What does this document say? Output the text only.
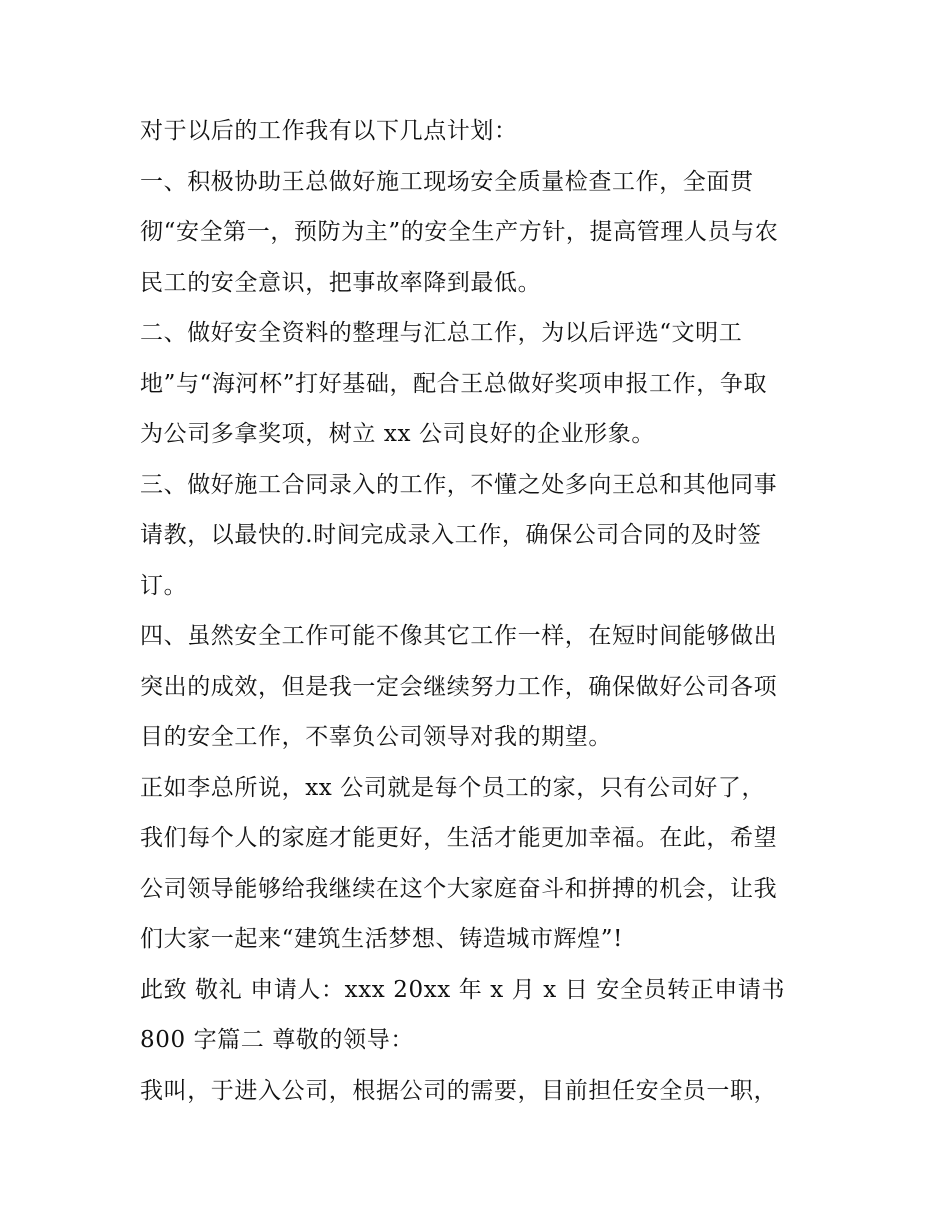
对于以后的工作我有以下几点计划：
一、积极协助王总做好施工现场安全质量检查工作，全面贯
彻“安全第一，预防为主”的安全生产方针，提高管理人员与农
民工的安全意识，把事故率降到最低。
二、做好安全资料的整理与汇总工作，为以后评选“文明工
地”与“海河杯”打好基础，配合王总做好奖项申报工作，争取
为公司多拿奖项，树立 xx 公司良好的企业形象。
三、做好施工合同录入的工作，不懂之处多向王总和其他同事
请教，以最快的.时间完成录入工作，确保公司合同的及时签
订。
四、虽然安全工作可能不像其它工作一样，在短时间能够做出
突出的成效，但是我一定会继续努力工作，确保做好公司各项
目的安全工作，不辜负公司领导对我的期望。
正如李总所说，xx 公司就是每个员工的家，只有公司好了，
我们每个人的家庭才能更好，生活才能更加幸福。在此，希望
公司领导能够给我继续在这个大家庭奋斗和拼搏的机会，让我
们大家一起来“建筑生活梦想、铸造城市辉煌”!
此致 敬礼 申请人：xxx 20xx 年 x 月 x 日 安全员转正申请书
800 字篇二 尊敬的领导：
我叫，于进入公司，根据公司的需要，目前担任安全员一职，
